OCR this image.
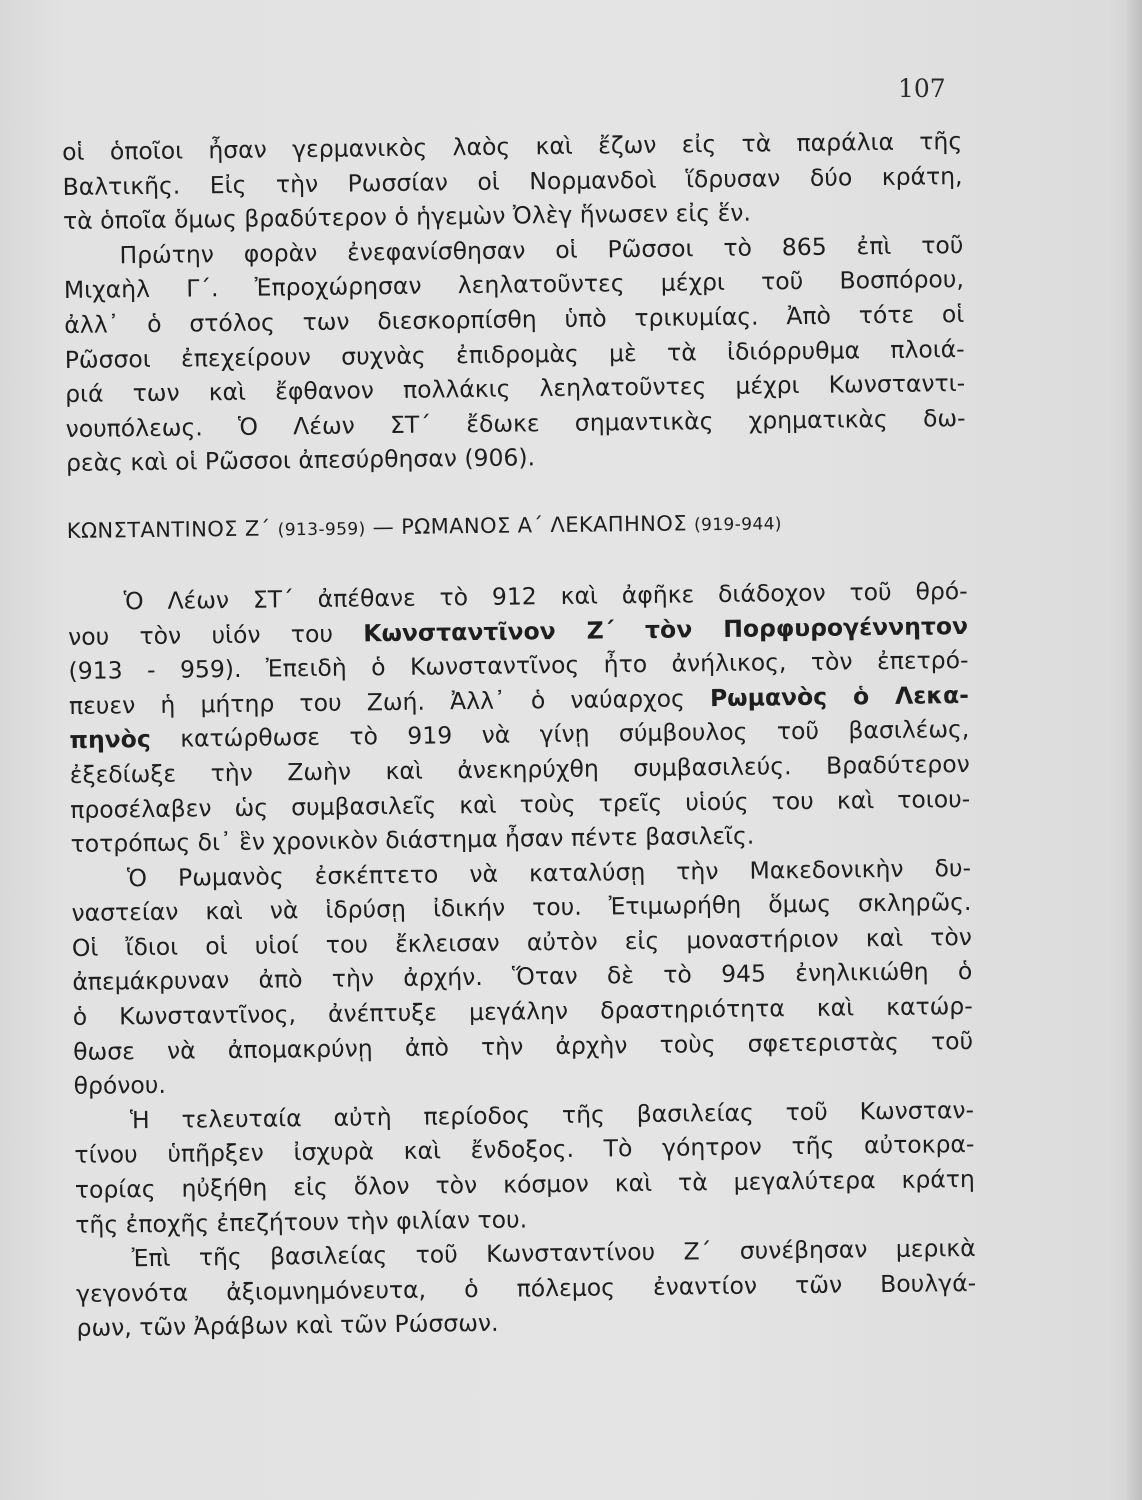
107
οἱ ὁποῖοι ἦσαν γερμανικὸς λαὸς καὶ ἔζων εἰς τὰ παράλια τῆς
Βαλτικῆς. Εἰς τὴν Ρωσσίαν οἱ Νορμανδοὶ ἵδρυσαν δύο κράτη,
τὰ ὁποῖα ὅμως βραδύτερον ὁ ἡγεμὼν Ὀλὲγ ἥνωσεν εἰς ἕν.
Πρώτην φορὰν ἐνεφανίσθησαν οἱ Ρῶσσοι τὸ 865 ἐπὶ τοῦ
Μιχαὴλ Γ΄. Ἐπροχώρησαν λεηλατοῦντες μέχρι τοῦ Βοσπόρου,
ἀλλ᾽ ὁ στόλος των διεσκορπίσθη ὑπὸ τρικυμίας. Ἀπὸ τότε οἱ
Ρῶσσοι ἐπεχείρουν συχνὰς ἐπιδρομὰς μὲ τὰ ἰδιόρρυθμα πλοιά-
ριά των καὶ ἔφθανον πολλάκις λεηλατοῦντες μέχρι Κωνσταντι-
νουπόλεως. Ὁ Λέων ΣΤ΄ ἔδωκε σημαντικὰς χρηματικὰς δω-
ρεὰς καὶ οἱ Ρῶσσοι ἀπεσύρθησαν (906).
ΚΩΝΣΤΑΝΤΙΝΟΣ Ζ΄ (913-959) — ΡΩΜΑΝΟΣ Α΄ ΛΕΚΑΠΗΝΟΣ (919-944)
Ὁ Λέων ΣΤ΄ ἀπέθανε τὸ 912 καὶ ἀφῆκε διάδοχον τοῦ θρό-
νου τὸν υἱόν του Κωνσταντῖνον Ζ΄ τὸν Πορφυρογέννητον
(913 - 959). Ἐπειδὴ ὁ Κωνσταντῖνος ἦτο ἀνήλικος, τὸν ἐπετρό-
πευεν ἡ μήτηρ του Ζωή. Ἀλλ᾽ ὁ ναύαρχος Ρωμανὸς ὁ Λεκα-
πηνὸς κατώρθωσε τὸ 919 νὰ γίνῃ σύμβουλος τοῦ βασιλέως,
ἐξεδίωξε τὴν Ζωὴν καὶ ἀνεκηρύχθη συμβασιλεύς. Βραδύτερον
προσέλαβεν ὡς συμβασιλεῖς καὶ τοὺς τρεῖς υἱούς του καὶ τοιου-
τοτρόπως δι᾽ ἓν χρονικὸν διάστημα ἦσαν πέντε βασιλεῖς.
Ὁ Ρωμανὸς ἐσκέπτετο νὰ καταλύσῃ τὴν Μακεδονικὴν δυ-
ναστείαν καὶ νὰ ἱδρύσῃ ἰδικήν του. Ἐτιμωρήθη ὅμως σκληρῶς.
Οἱ ἴδιοι οἱ υἱοί του ἔκλεισαν αὐτὸν εἰς μοναστήριον καὶ τὸν
ἀπεμάκρυναν ἀπὸ τὴν ἀρχήν. Ὅταν δὲ τὸ 945 ἐνηλικιώθη ὁ
ὁ Κωνσταντῖνος, ἀνέπτυξε μεγάλην δραστηριότητα καὶ κατώρ-
θωσε νὰ ἀπομακρύνῃ ἀπὸ τὴν ἀρχὴν τοὺς σφετεριστὰς τοῦ
θρόνου.
Ἡ τελευταία αὐτὴ περίοδος τῆς βασιλείας τοῦ Κωνσταν-
τίνου ὑπῆρξεν ἰσχυρὰ καὶ ἔνδοξος. Τὸ γόητρον τῆς αὐτοκρα-
τορίας ηὐξήθη εἰς ὅλον τὸν κόσμον καὶ τὰ μεγαλύτερα κράτη
τῆς ἐποχῆς ἐπεζήτουν τὴν φιλίαν του.
Ἐπὶ τῆς βασιλείας τοῦ Κωνσταντίνου Ζ΄ συνέβησαν μερικὰ
γεγονότα ἀξιομνημόνευτα, ὁ πόλεμος ἐναντίον τῶν Βουλγά-
ρων, τῶν Ἀράβων καὶ τῶν Ρώσσων.
